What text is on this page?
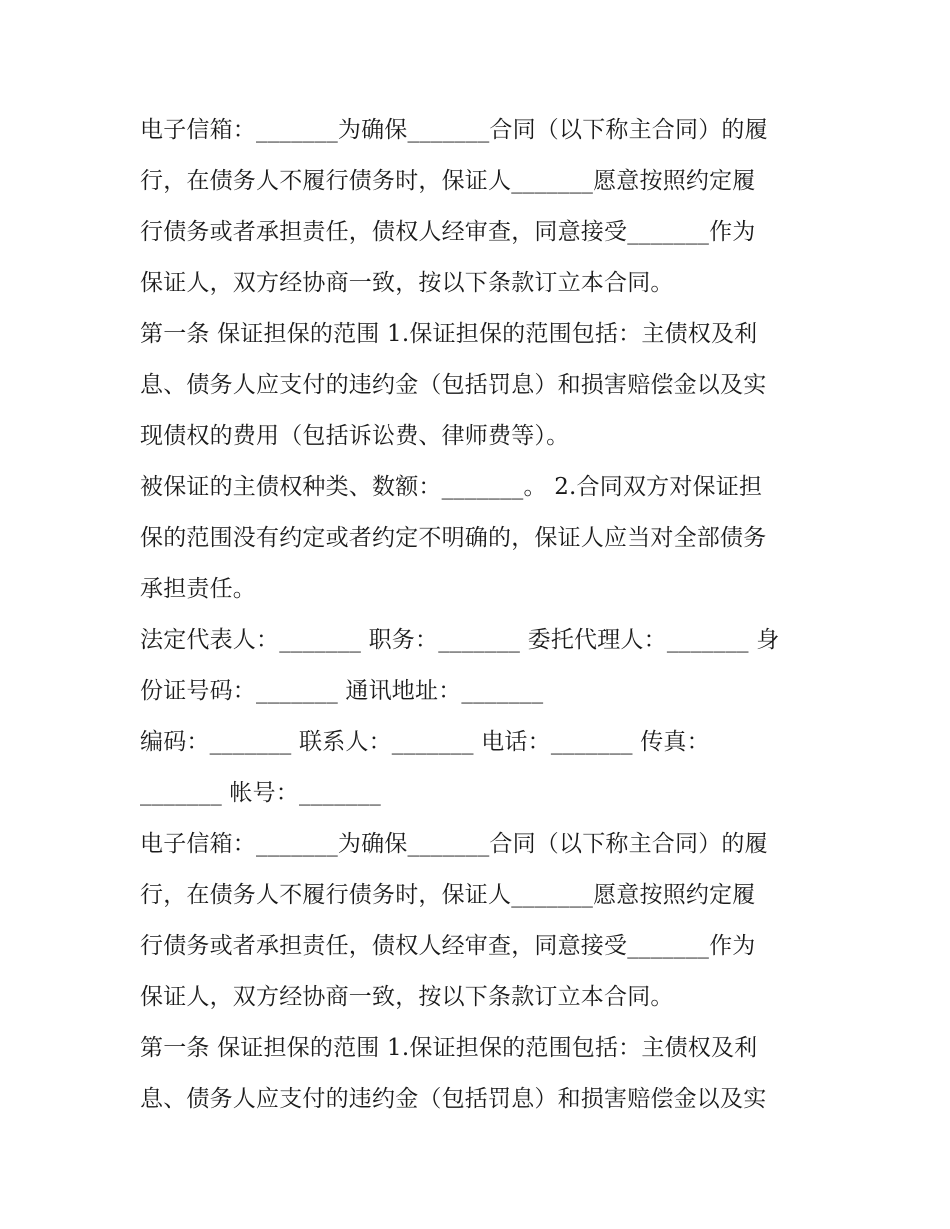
电子信箱：_______为确保_______合同（以下称主合同）的履
行，在债务人不履行债务时，保证人_______愿意按照约定履
行债务或者承担责任，债权人经审查，同意接受_______作为
保证人，双方经协商一致，按以下条款订立本合同。
第一条 保证担保的范围 1.保证担保的范围包括：主债权及利
息、债务人应支付的违约金（包括罚息）和损害赔偿金以及实
现债权的费用（包括诉讼费、律师费等）。
被保证的主债权种类、数额：_______。 2.合同双方对保证担
保的范围没有约定或者约定不明确的，保证人应当对全部债务
承担责任。
法定代表人：_______ 职务：_______ 委托代理人：_______ 身
份证号码：_______ 通讯地址：_______
编码：_______ 联系人：_______ 电话：_______ 传真：
_______ 帐号：_______
电子信箱：_______为确保_______合同（以下称主合同）的履
行，在债务人不履行债务时，保证人_______愿意按照约定履
行债务或者承担责任，债权人经审查，同意接受_______作为
保证人，双方经协商一致，按以下条款订立本合同。
第一条 保证担保的范围 1.保证担保的范围包括：主债权及利
息、债务人应支付的违约金（包括罚息）和损害赔偿金以及实
